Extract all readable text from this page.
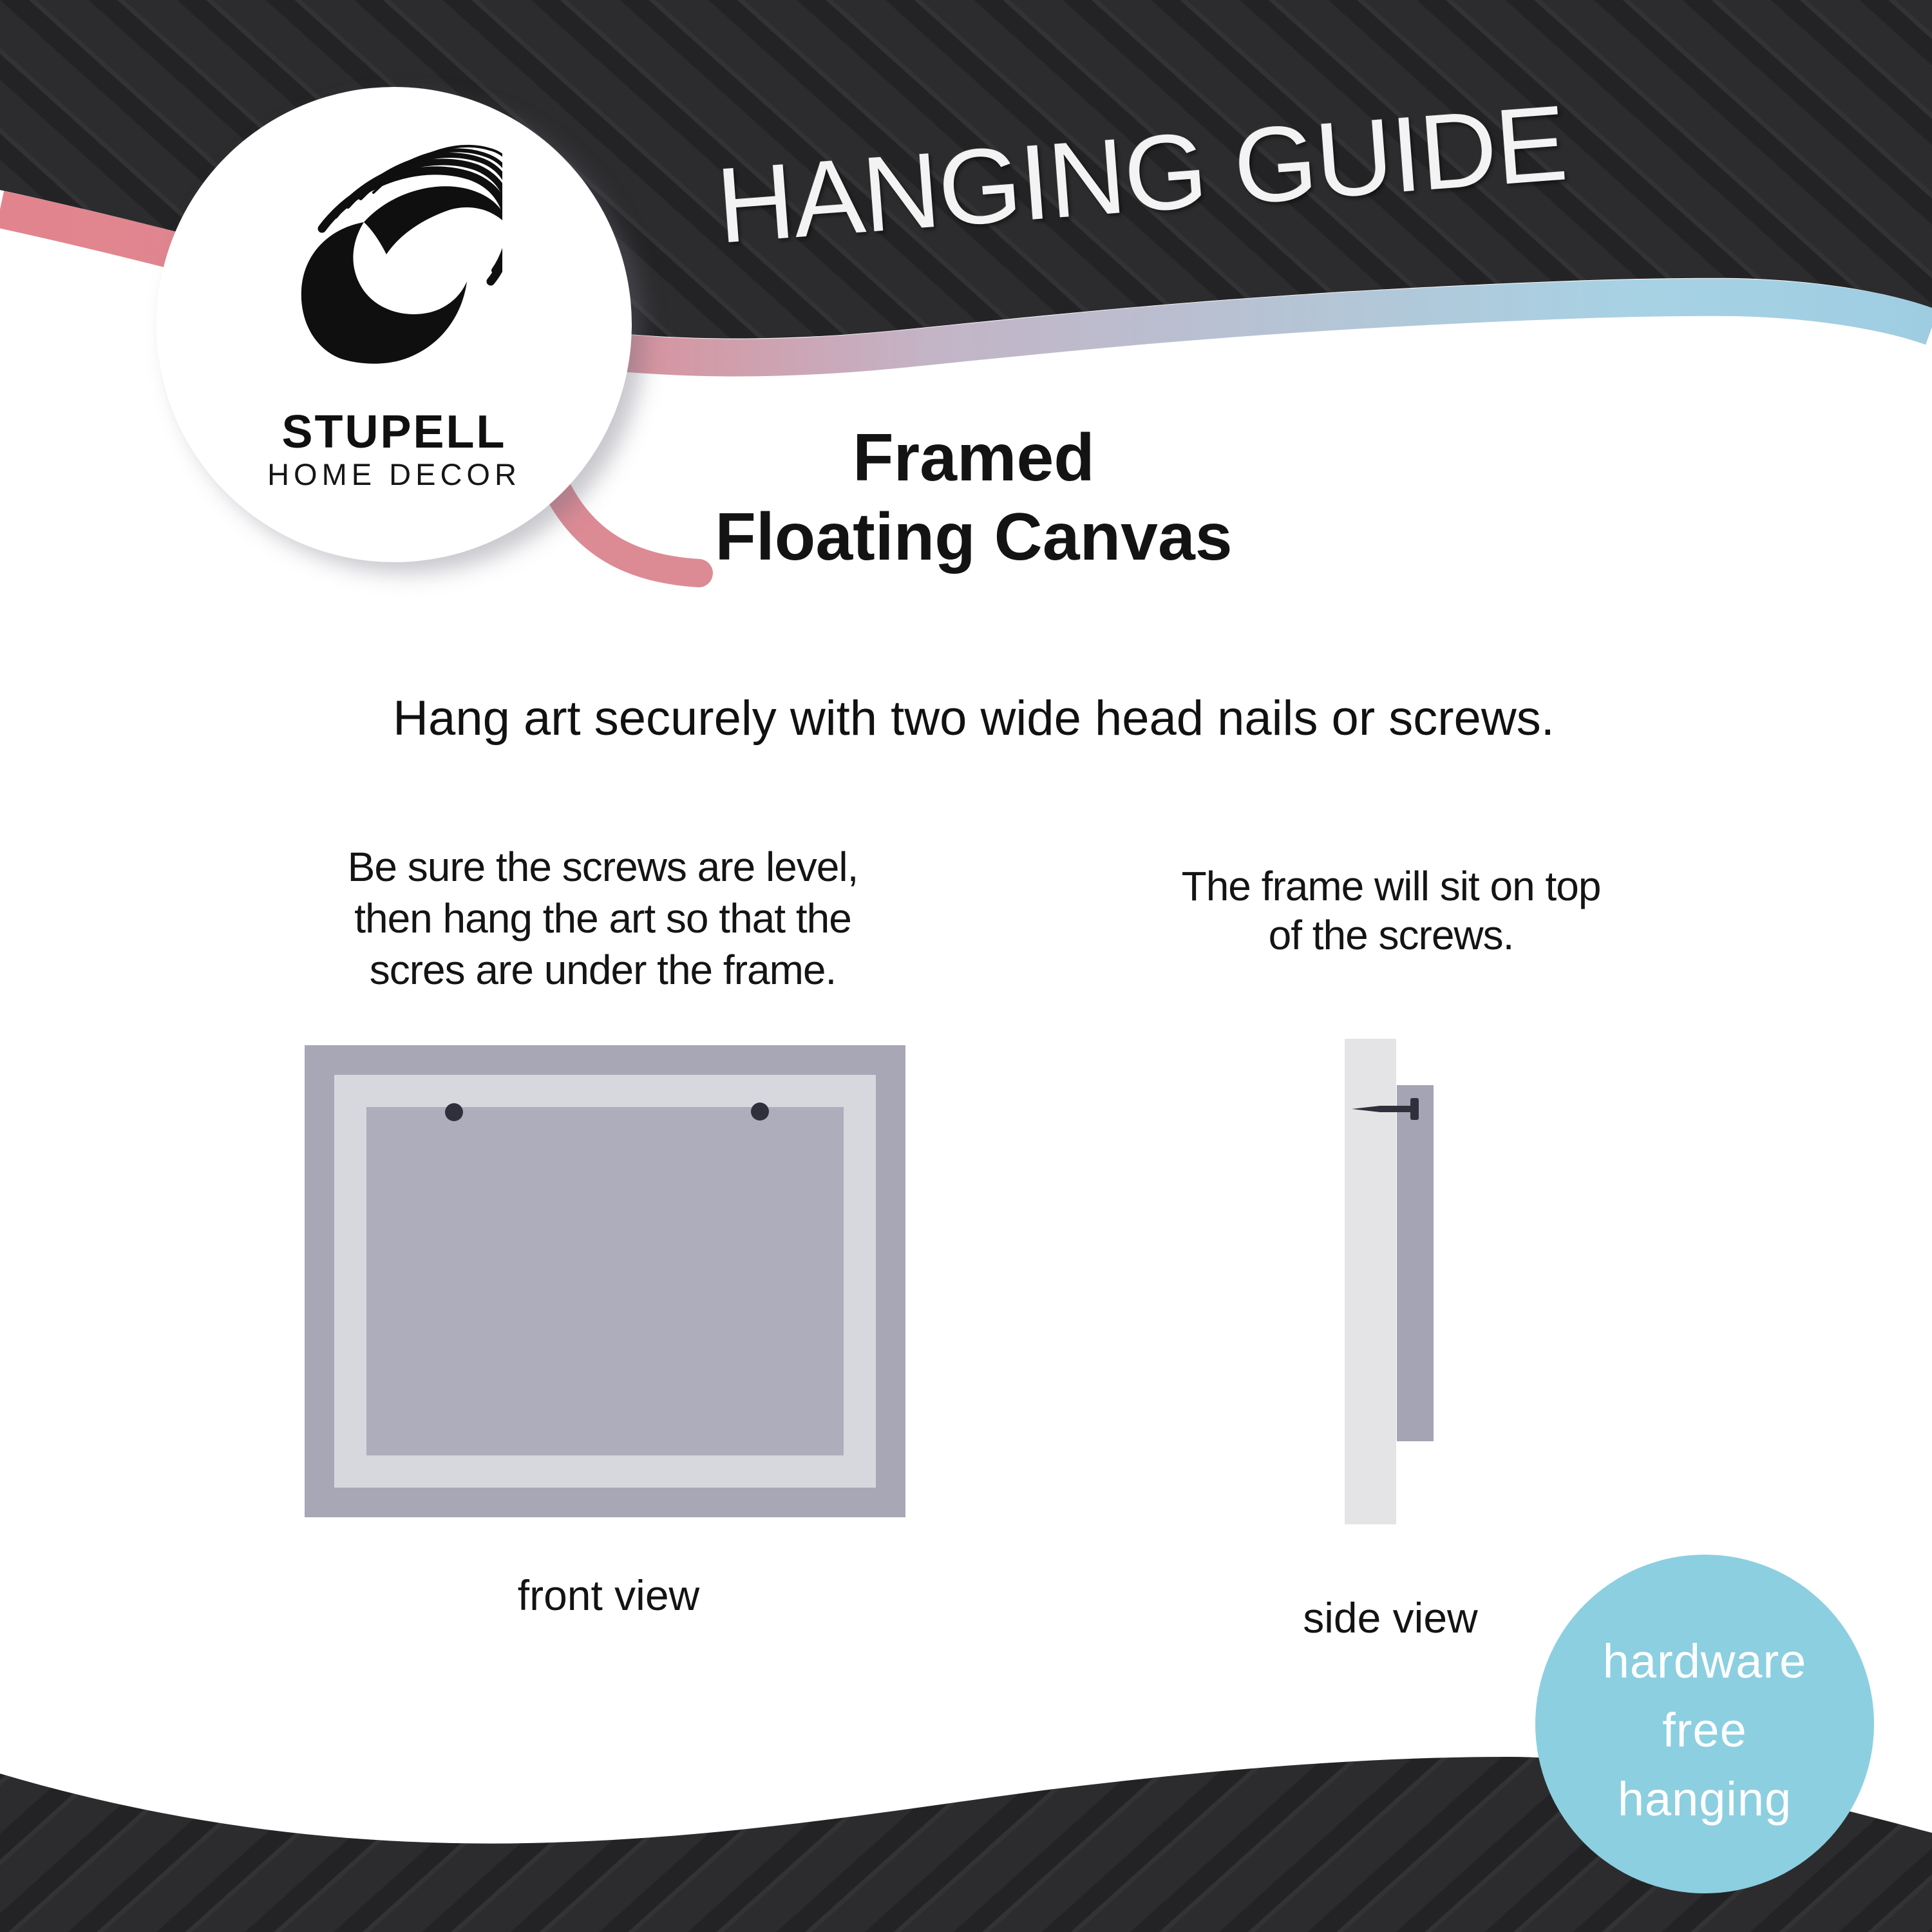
HANGING GUIDE
STUPELL
HOME DECOR	Framed
Floating Canvas
Hang art securely with two wide head nails or screws.
Be sure the screws are level,
then hang the art so that the
scres are under the frame.
The frame will sit on top
of the screws.
front view	side view
hardware
free
hanging
